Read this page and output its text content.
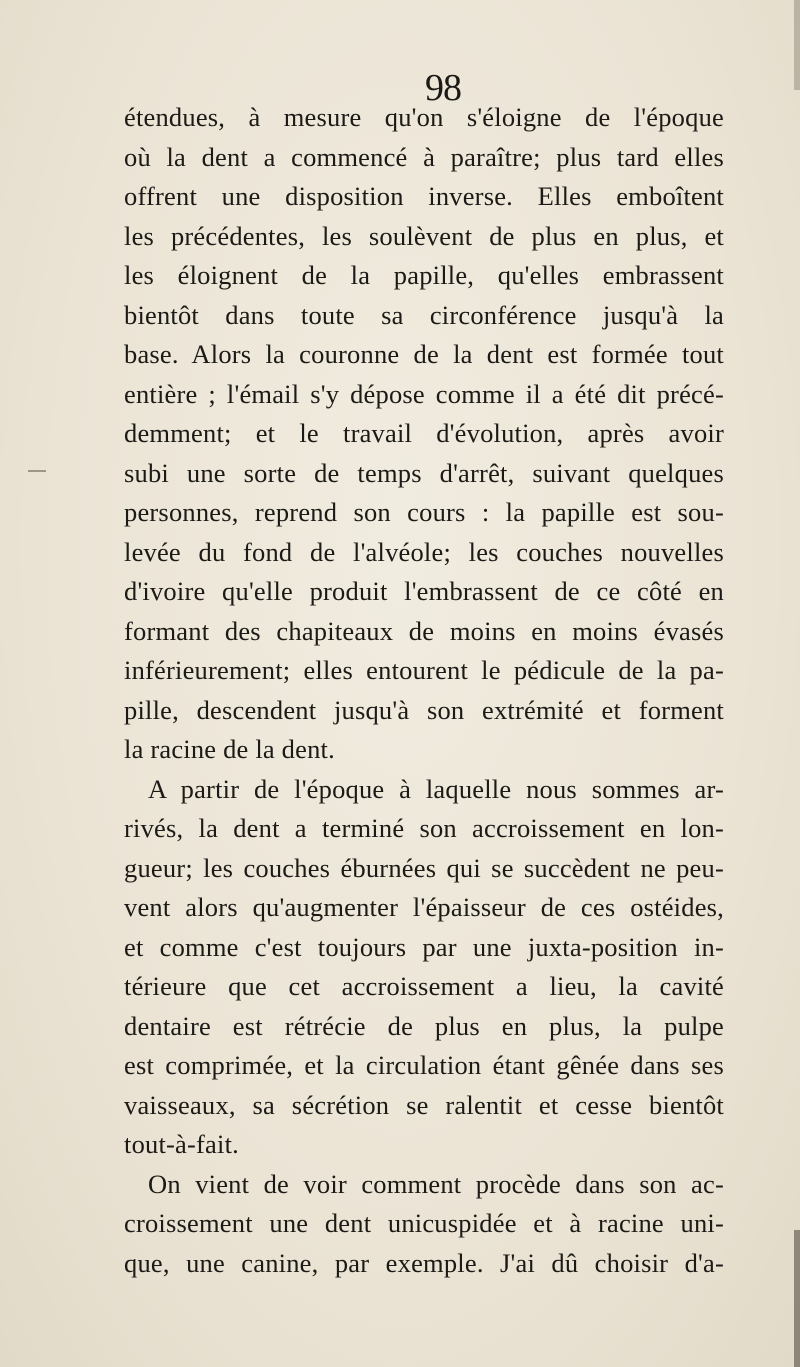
98
étendues, à mesure qu'on s'éloigne de l'époque
où la dent a commencé à paraître; plus tard elles
offrent une disposition inverse. Elles emboîtent
les précédentes, les soulèvent de plus en plus, et
les éloignent de la papille, qu'elles embrassent
bientôt dans toute sa circonférence jusqu'à la
base. Alors la couronne de la dent est formée tout
entière ; l'émail s'y dépose comme il a été dit précé-
demment; et le travail d'évolution, après avoir
subi une sorte de temps d'arrêt, suivant quelques
personnes, reprend son cours : la papille est sou-
levée du fond de l'alvéole; les couches nouvelles
d'ivoire qu'elle produit l'embrassent de ce côté en
formant des chapiteaux de moins en moins évasés
inférieurement; elles entourent le pédicule de la pa-
pille, descendent jusqu'à son extrémité et forment
la racine de la dent.
A partir de l'époque à laquelle nous sommes ar-
rivés, la dent a terminé son accroissement en lon-
gueur; les couches éburnées qui se succèdent ne peu-
vent alors qu'augmenter l'épaisseur de ces ostéides,
et comme c'est toujours par une juxta-position in-
térieure que cet accroissement a lieu, la cavité
dentaire est rétrécie de plus en plus, la pulpe
est comprimée, et la circulation étant gênée dans ses
vaisseaux, sa sécrétion se ralentit et cesse bientôt
tout-à-fait.
On vient de voir comment procède dans son ac-
croissement une dent unicuspidée et à racine uni-
que, une canine, par exemple. J'ai dû choisir d'a-
